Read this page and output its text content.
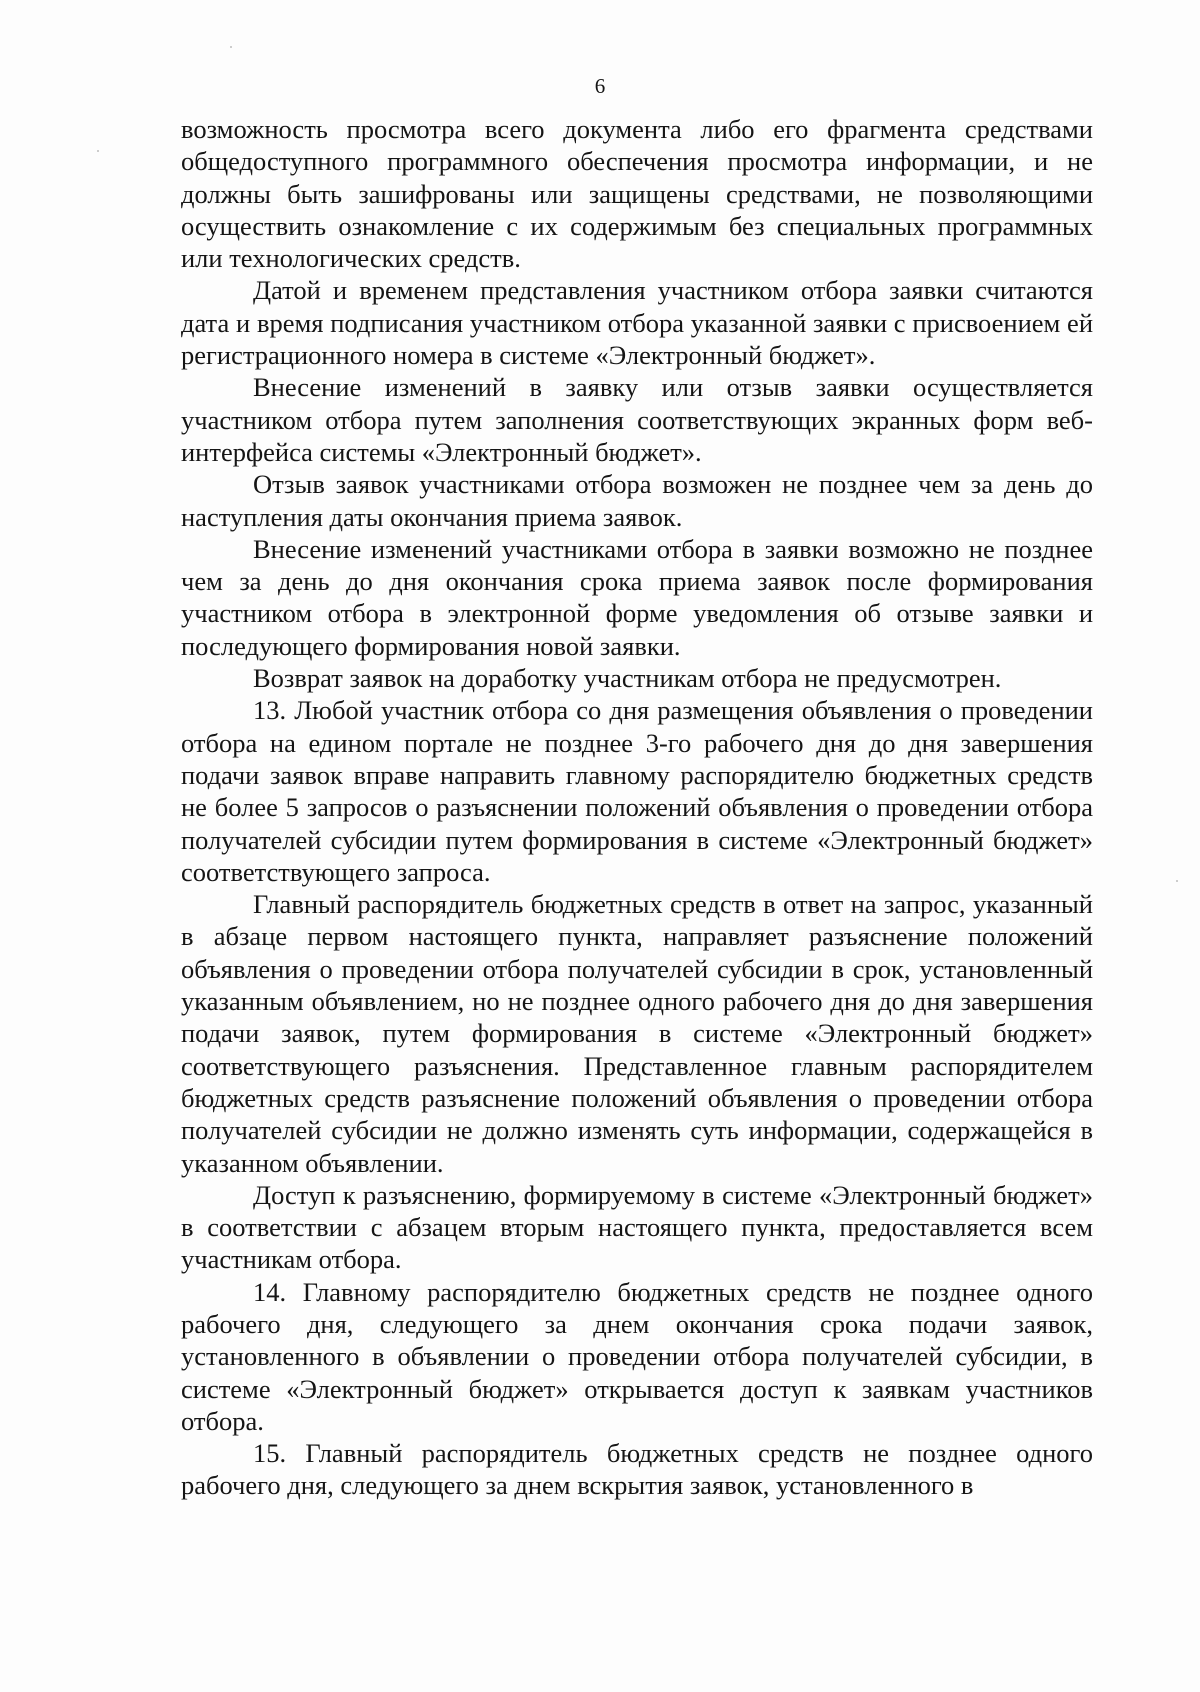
6

возможность просмотра всего документа либо его фрагмента средствами общедоступного программного обеспечения просмотра информации, и не должны быть зашифрованы или защищены средствами, не позволяющими осуществить ознакомление с их содержимым без специальных программных или технологических средств.

Датой и временем представления участником отбора заявки считаются дата и время подписания участником отбора указанной заявки с присвоением ей регистрационного номера в системе «Электронный бюджет».

Внесение изменений в заявку или отзыв заявки осуществляется участником отбора путем заполнения соответствующих экранных форм веб-интерфейса системы «Электронный бюджет».

Отзыв заявок участниками отбора возможен не позднее чем за день до наступления даты окончания приема заявок.

Внесение изменений участниками отбора в заявки возможно не позднее чем за день до дня окончания срока приема заявок после формирования участником отбора в электронной форме уведомления об отзыве заявки и последующего формирования новой заявки.

Возврат заявок на доработку участникам отбора не предусмотрен.

13. Любой участник отбора со дня размещения объявления о проведении отбора на едином портале не позднее 3-го рабочего дня до дня завершения подачи заявок вправе направить главному распорядителю бюджетных средств не более 5 запросов о разъяснении положений объявления о проведении отбора получателей субсидии путем формирования в системе «Электронный бюджет» соответствующего запроса.

Главный распорядитель бюджетных средств в ответ на запрос, указанный в абзаце первом настоящего пункта, направляет разъяснение положений объявления о проведении отбора получателей субсидии в срок, установленный указанным объявлением, но не позднее одного рабочего дня до дня завершения подачи заявок, путем формирования в системе «Электронный бюджет» соответствующего разъяснения. Представленное главным распорядителем бюджетных средств разъяснение положений объявления о проведении отбора получателей субсидии не должно изменять суть информации, содержащейся в указанном объявлении.

Доступ к разъяснению, формируемому в системе «Электронный бюджет» в соответствии с абзацем вторым настоящего пункта, предоставляется всем участникам отбора.

14. Главному распорядителю бюджетных средств не позднее одного рабочего дня, следующего за днем окончания срока подачи заявок, установленного в объявлении о проведении отбора получателей субсидии, в системе «Электронный бюджет» открывается доступ к заявкам участников отбора.

15. Главный распорядитель бюджетных средств не позднее одного рабочего дня, следующего за днем вскрытия заявок, установленного в
